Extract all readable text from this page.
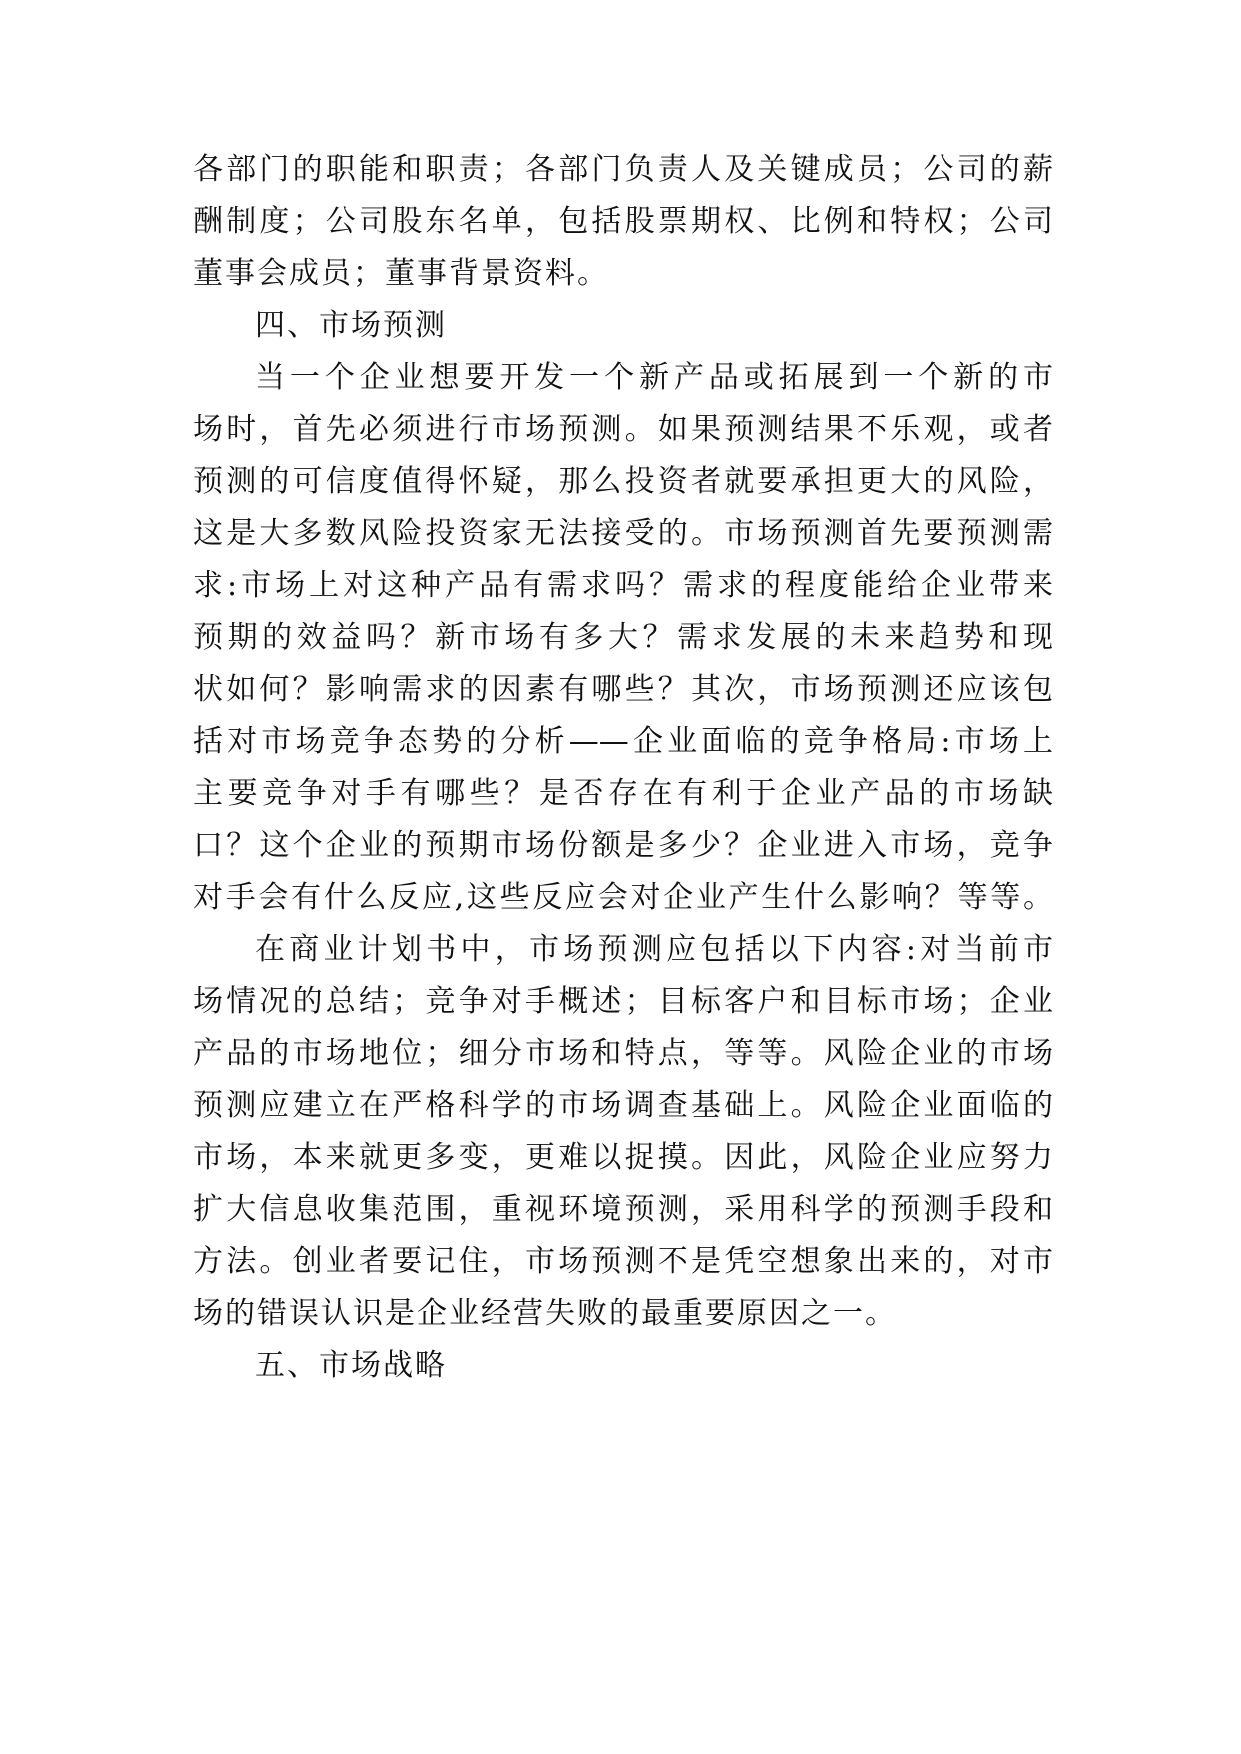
各部门的职能和职责；各部门负责人及关键成员；公司的薪
酬制度；公司股东名单，包括股票期权、比例和特权；公司
董事会成员；董事背景资料。
四、市场预测
当一个企业想要开发一个新产品或拓展到一个新的市
场时，首先必须进行市场预测。如果预测结果不乐观，或者
预测的可信度值得怀疑，那么投资者就要承担更大的风险，
这是大多数风险投资家无法接受的。市场预测首先要预测需
求:市场上对这种产品有需求吗？需求的程度能给企业带来
预期的效益吗？新市场有多大？需求发展的未来趋势和现
状如何？影响需求的因素有哪些？其次，市场预测还应该包
括对市场竞争态势的分析——企业面临的竞争格局:市场上
主要竞争对手有哪些？是否存在有利于企业产品的市场缺
口？这个企业的预期市场份额是多少？企业进入市场，竞争
对手会有什么反应,这些反应会对企业产生什么影响？等等。
在商业计划书中，市场预测应包括以下内容:对当前市
场情况的总结；竞争对手概述；目标客户和目标市场；企业
产品的市场地位；细分市场和特点，等等。风险企业的市场
预测应建立在严格科学的市场调查基础上。风险企业面临的
市场，本来就更多变，更难以捉摸。因此，风险企业应努力
扩大信息收集范围，重视环境预测，采用科学的预测手段和
方法。创业者要记住，市场预测不是凭空想象出来的，对市
场的错误认识是企业经营失败的最重要原因之一。
五、市场战略
